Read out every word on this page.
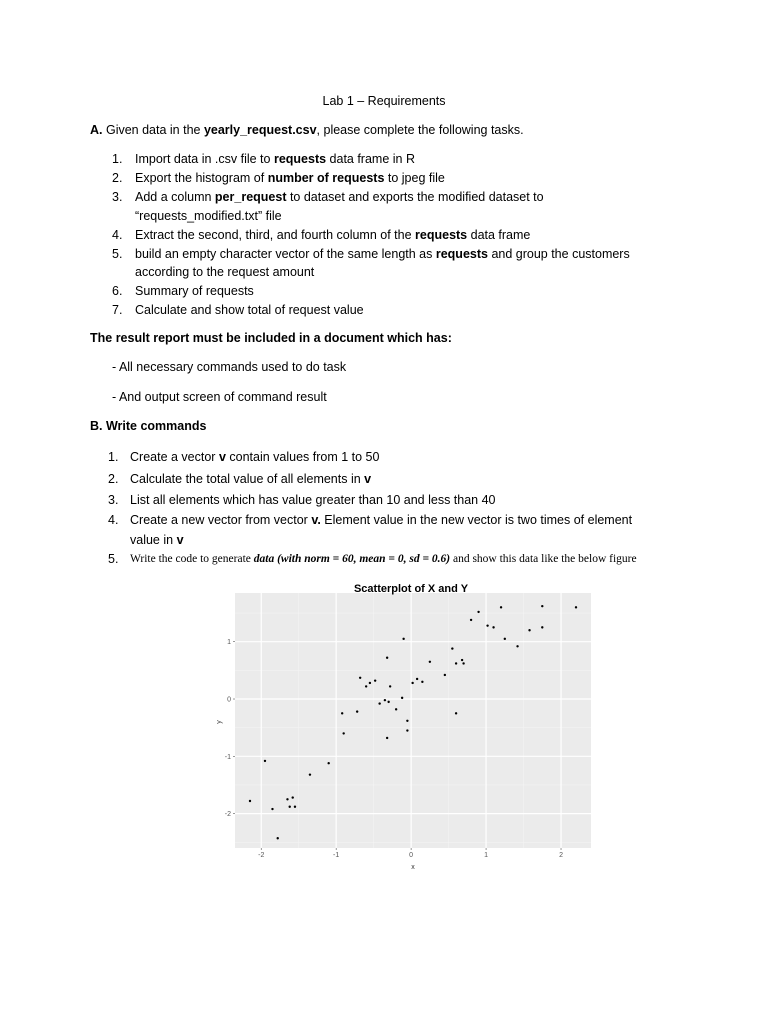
Lab 1 – Requirements
A. Given data in the yearly_request.csv, please complete the following tasks.
1. Import data in .csv file to requests data frame in R
2. Export the histogram of number of requests to jpeg file
3. Add a column per_request to dataset and exports the modified dataset to
“requests_modified.txt” file
4. Extract the second, third, and fourth column of the requests data frame
5. build an empty character vector of the same length as requests and group the customers
according to the request amount
6. Summary of requests
7. Calculate and show total of request value
The result report must be included in a document which has:
- All necessary commands used to do task
- And output screen of command result
B. Write commands
1. Create a vector v contain values from 1 to 50
2. Calculate the total value of all elements in v
3. List all elements which has value greater than 10 and less than 40
4. Create a new vector from vector v. Element value in the new vector is two times of element
value in v
5. Write the code to generate data (with norm = 60, mean = 0, sd = 0.6) and show this data like the below figure
-2	-1	0	1	2
-2
-1
0
1
Scatterplot of X and Y
x
y
